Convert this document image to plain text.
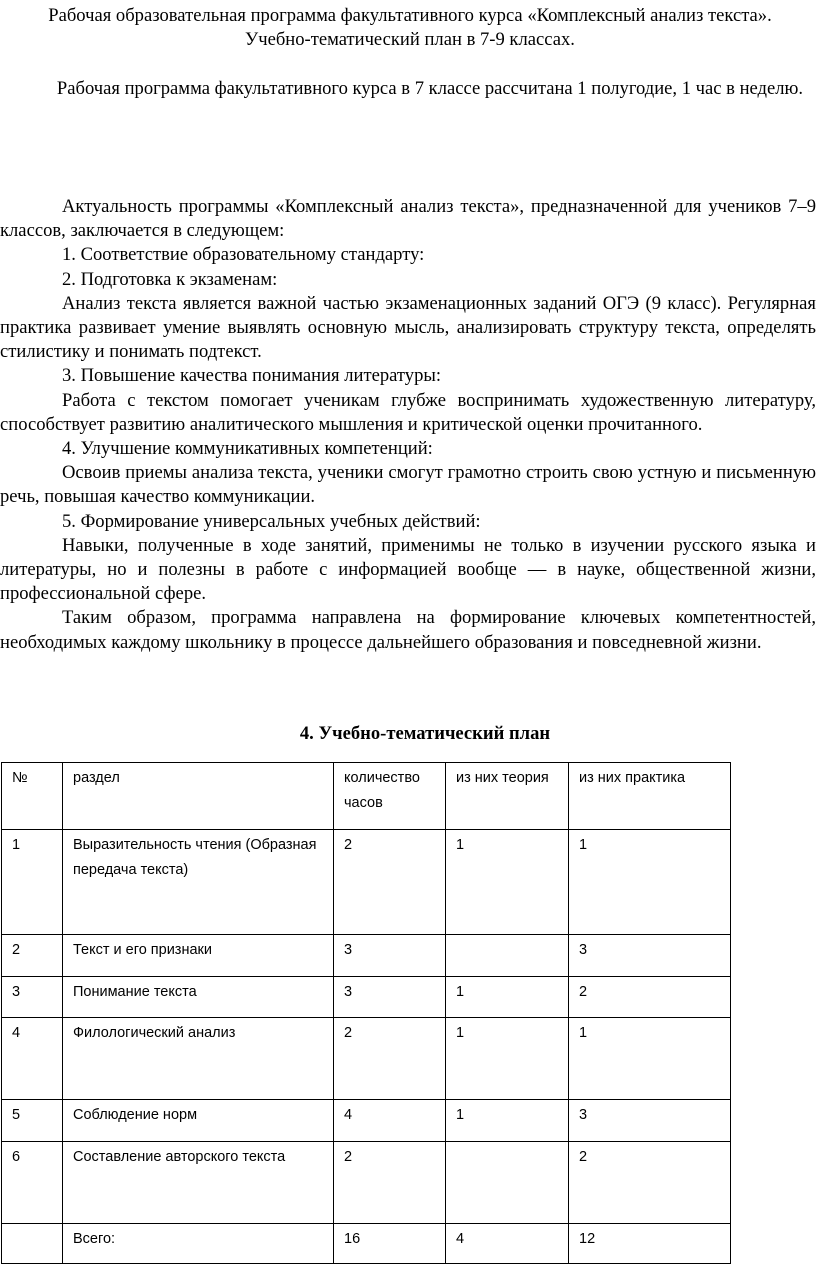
Рабочая образовательная программа факультативного курса «Комплексный анализ текста». Учебно-тематический план в 7-9 классах.

Рабочая программа факультативного курса в 7 классе рассчитана 1 полугодие, 1 час в неделю.

Актуальность программы «Комплексный анализ текста», предназначенной для учеников 7–9 классов, заключается в следующем:

1. Соответствие образовательному стандарту:

2. Подготовка к экзаменам:

Анализ текста является важной частью экзаменационных заданий ОГЭ (9 класс). Регулярная практика развивает умение выявлять основную мысль, анализировать структуру текста, определять стилистику и понимать подтекст.

3. Повышение качества понимания литературы:

Работа с текстом помогает ученикам глубже воспринимать художественную литературу, способствует развитию аналитического мышления и критической оценки прочитанного.

4. Улучшение коммуникативных компетенций:

Освоив приемы анализа текста, ученики смогут грамотно строить свою устную и письменную речь, повышая качество коммуникации.

5. Формирование универсальных учебных действий:

Навыки, полученные в ходе занятий, применимы не только в изучении русского языка и литературы, но и полезны в работе с информацией вообще — в науке, общественной жизни, профессиональной сфере.

Таким образом, программа направлена на формирование ключевых компетентностей, необходимых каждому школьнику в процессе дальнейшего образования и повседневной жизни.

4. Учебно-тематический план

№	раздел	количество часов	из них теория	из них практика
1	Выразительность чтения (Образная передача текста)	2	1	1
2	Текст и его признаки	3		3
3	Понимание текста	3	1	2
4	Филологический анализ	2	1	1
5	Соблюдение норм	4	1	3
6	Составление авторского текста	2		2
	Всего:	16	4	12
